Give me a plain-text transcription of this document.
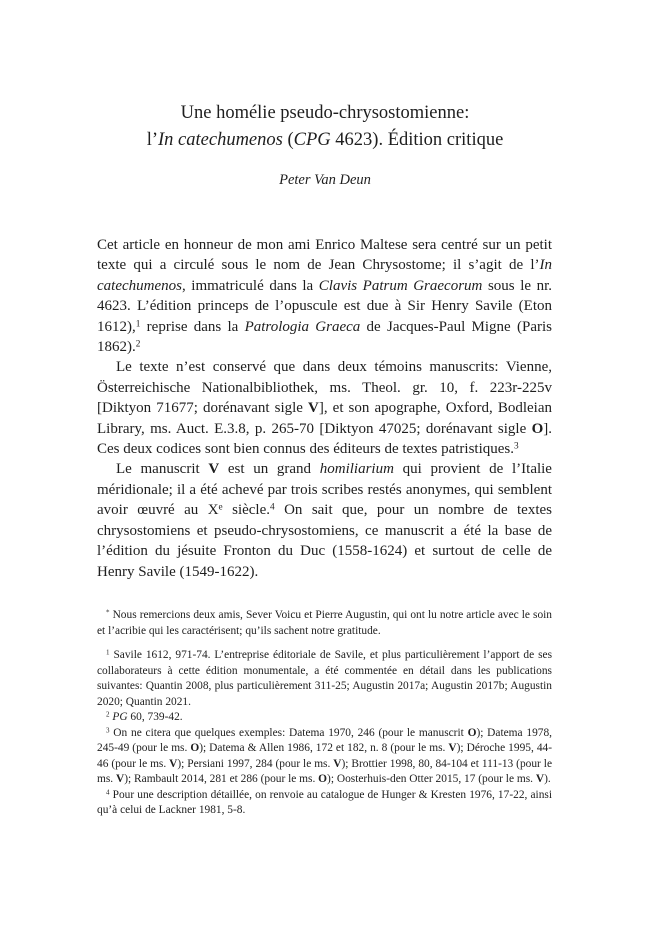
Une homélie pseudo-chrysostomienne:
l’In catechumenos (CPG 4623). Édition critique
Peter Van Deun

Cet article en honneur de mon ami Enrico Maltese sera centré sur un petit texte qui a circulé sous le nom de Jean Chrysostome; il s’agit de l’In catechumenos, immatriculé dans la Clavis Patrum Graecorum sous le nr. 4623. L’édition princeps de l’opuscule est due à Sir Henry Savile (Eton 1612),$^1$ reprise dans la Patrologia Graeca de Jacques-Paul Migne (Paris 1862).$^2$

Le texte n’est conservé que dans deux témoins manuscrits: Vienne, Österreichische Nationalbibliothek, ms. Theol. gr. 10, f. 223r-225v [Diktyon 71677; dorénavant sigle V], et son apographe, Oxford, Bodleian Library, ms. Auct. E.3.8, p. 265-70 [Diktyon 47025; dorénavant sigle O]. Ces deux codices sont bien connus des éditeurs de textes patristiques.$^3$

Le manuscrit V est un grand homiliarium qui provient de l’Italie méridionale; il a été achevé par trois scribes restés anonymes, qui semblent avoir œuvré au Xe siècle.$^4$ On sait que, pour un nombre de textes chrysostomiens et pseudo-chrysostomiens, ce manuscrit a été la base de l’édition du jésuite Fronton du Duc (1558-1624) et surtout de celle de Henry Savile (1549-1622).

* Nous remercions deux amis, Sever Voicu et Pierre Augustin, qui ont lu notre article avec le soin et l’acribie qui les caractérisent; qu’ils sachent notre gratitude.

$^1$ Savile 1612, 971-74. L’entreprise éditoriale de Savile, et plus particulièrement l’apport de ses collaborateurs à cette édition monumentale, a été commentée en détail dans les publications suivantes: Quantin 2008, plus particulièrement 311-25; Augustin 2017a; Augustin 2017b; Augustin 2020; Quantin 2021.

$^2$ PG 60, 739-42.

$^3$ On ne citera que quelques exemples: Datema 1970, 246 (pour le manuscrit O); Datema 1978, 245-49 (pour le ms. O); Datema & Allen 1986, 172 et 182, n. 8 (pour le ms. V); Déroche 1995, 44-46 (pour le ms. V); Persiani 1997, 284 (pour le ms. V); Brottier 1998, 80, 84-104 et 111-13 (pour le ms. V); Rambault 2014, 281 et 286 (pour le ms. O); Oosterhuis-den Otter 2015, 17 (pour le ms. V).

$^4$ Pour une description détaillée, on renvoie au catalogue de Hunger & Kresten 1976, 17-22, ainsi qu’à celui de Lackner 1981, 5-8.
